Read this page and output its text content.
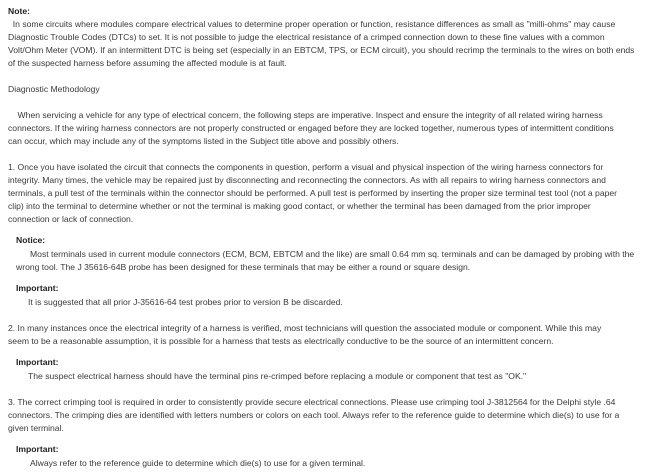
Note:
In some circuits where modules compare electrical values to determine proper operation or function, resistance differences as small as "milli-ohms" may cause
Diagnostic Trouble Codes (DTCs) to set. It is not possible to judge the electrical resistance of a crimped connection down to these fine values with a common
Volt/Ohm Meter (VOM). If an intermittent DTC is being set (especially in an EBTCM, TPS, or ECM circuit), you should recrimp the terminals to the wires on both ends
of the suspected harness before assuming the affected module is at fault.
Diagnostic Methodology
When servicing a vehicle for any type of electrical concern, the following steps are imperative. Inspect and ensure the integrity of all related wiring harness
connectors. If the wiring harness connectors are not properly constructed or engaged before they are locked together, numerous types of intermittent conditions
can occur, which may include any of the symptoms listed in the Subject title above and possibly others.
1. Once you have isolated the circuit that connects the components in question, perform a visual and physical inspection of the wiring harness connectors for
integrity. Many times, the vehicle may be repaired just by disconnecting and reconnecting the connectors. As with all repairs to wiring harness connectors and
terminals, a pull test of the terminals within the connector should be performed. A pull test is performed by inserting the proper size terminal test tool (not a paper
clip) into the terminal to determine whether or not the terminal is making good contact, or whether the terminal has been damaged from the prior improper
connection or lack of connection.
Notice:
Most terminals used in current module connectors (ECM, BCM, EBTCM and the like) are small 0.64 mm sq. terminals and can be damaged by probing with the
wrong tool. The J 35616-64B probe has been designed for these terminals that may be either a round or square design.
Important:
It is suggested that all prior J-35616-64 test probes prior to version B be discarded.
2. In many instances once the electrical integrity of a harness is verified, most technicians will question the associated module or component. While this may
seem to be a reasonable assumption, it is possible for a harness that tests as electrically conductive to be the source of an intermittent concern.
Important:
The suspect electrical harness should have the terminal pins re-crimped before replacing a module or component that test as "OK."
3. The correct crimping tool is required in order to consistently provide secure electrical connections. Please use crimping tool J-3812564 for the Delphi style .64
connectors. The crimping dies are identified with letters numbers or colors on each tool. Always refer to the reference guide to determine which die(s) to use for a
given terminal.
Important:
Always refer to the reference guide to determine which die(s) to use for a given terminal.
